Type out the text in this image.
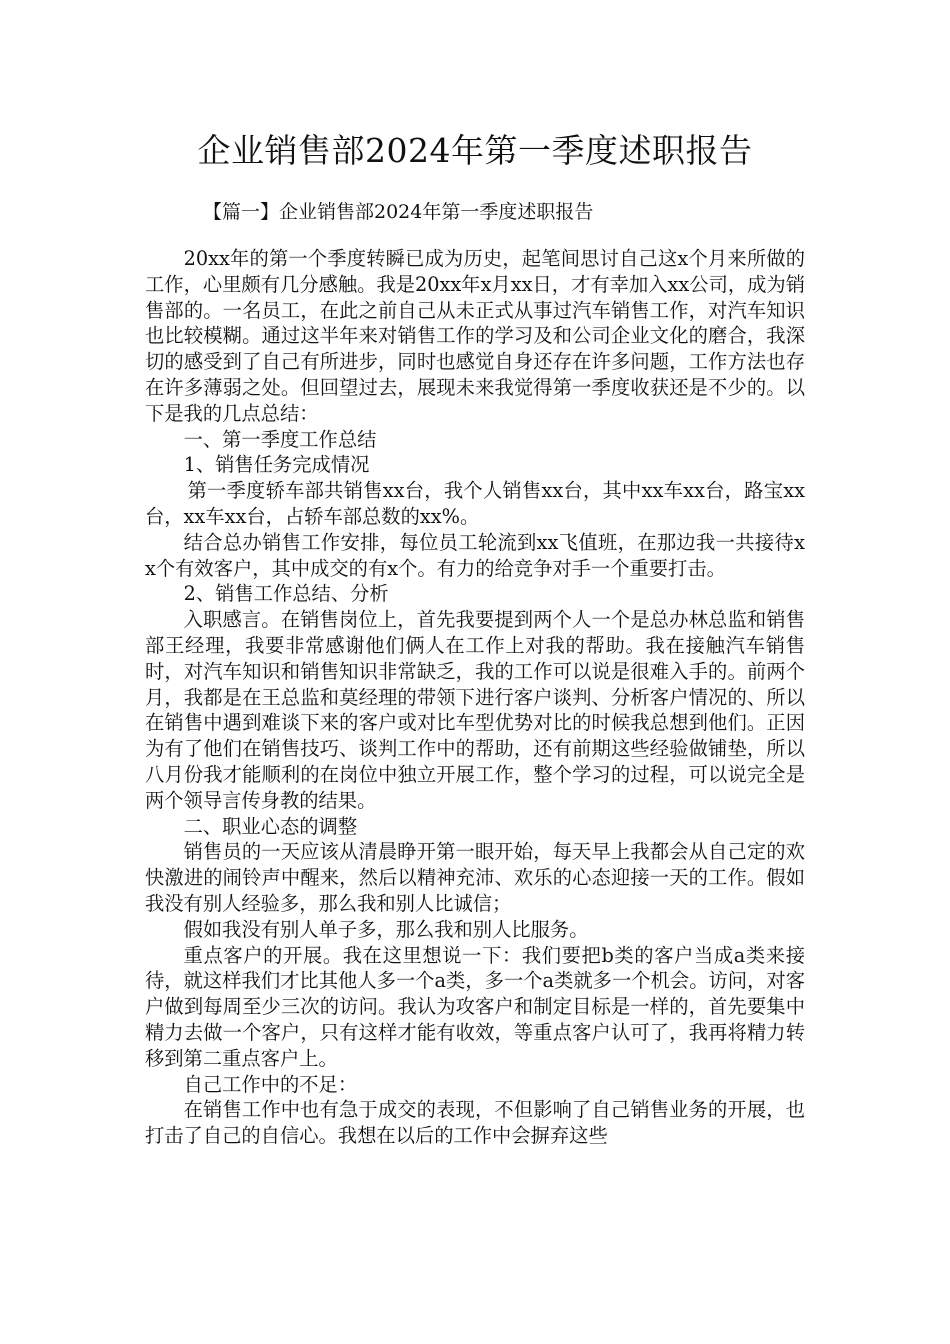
企业销售部2024年第一季度述职报告
【篇一】企业销售部2024年第一季度述职报告

20xx年的第一个季度转瞬已成为历史，起笔间思讨自己这x个月来所做的工作，心里颇有几分感触。我是20xx年x月xx日，才有幸加入xx公司，成为销售部的。一名员工，在此之前自己从未正式从事过汽车销售工作，对汽车知识也比较模糊。通过这半年来对销售工作的学习及和公司企业文化的磨合，我深切的感受到了自己有所进步，同时也感觉自身还存在许多问题，工作方法也存在许多薄弱之处。但回望过去，展现未来我觉得第一季度收获还是不少的。以下是我的几点总结：

一、第一季度工作总结

1、销售任务完成情况

第一季度轿车部共销售xx台，我个人销售xx台，其中xx车xx台，路宝xx台，xx车xx台，占轿车部总数的xx%。

结合总办销售工作安排，每位员工轮流到xx飞值班，在那边我一共接待xx个有效客户，其中成交的有x个。有力的给竞争对手一个重要打击。

2、销售工作总结、分析

入职感言。在销售岗位上，首先我要提到两个人一个是总办林总监和销售部王经理，我要非常感谢他们俩人在工作上对我的帮助。我在接触汽车销售时，对汽车知识和销售知识非常缺乏，我的工作可以说是很难入手的。前两个月，我都是在王总监和莫经理的带领下进行客户谈判、分析客户情况的、所以在销售中遇到难谈下来的客户或对比车型优势对比的时候我总想到他们。正因为有了他们在销售技巧、谈判工作中的帮助，还有前期这些经验做铺垫，所以八月份我才能顺利的在岗位中独立开展工作，整个学习的过程，可以说完全是两个领导言传身教的结果。

二、职业心态的调整

销售员的一天应该从清晨睁开第一眼开始，每天早上我都会从自己定的欢快激进的闹铃声中醒来，然后以精神充沛、欢乐的心态迎接一天的工作。假如我没有别人经验多，那么我和别人比诚信；

假如我没有别人单子多，那么我和别人比服务。

重点客户的开展。我在这里想说一下：我们要把b类的客户当成a类来接待，就这样我们才比其他人多一个a类，多一个a类就多一个机会。访问，对客户做到每周至少三次的访问。我认为攻客户和制定目标是一样的，首先要集中精力去做一个客户，只有这样才能有收效，等重点客户认可了，我再将精力转移到第二重点客户上。

自己工作中的不足：

在销售工作中也有急于成交的表现，不但影响了自己销售业务的开展，也打击了自己的自信心。我想在以后的工作中会摒弃这些
